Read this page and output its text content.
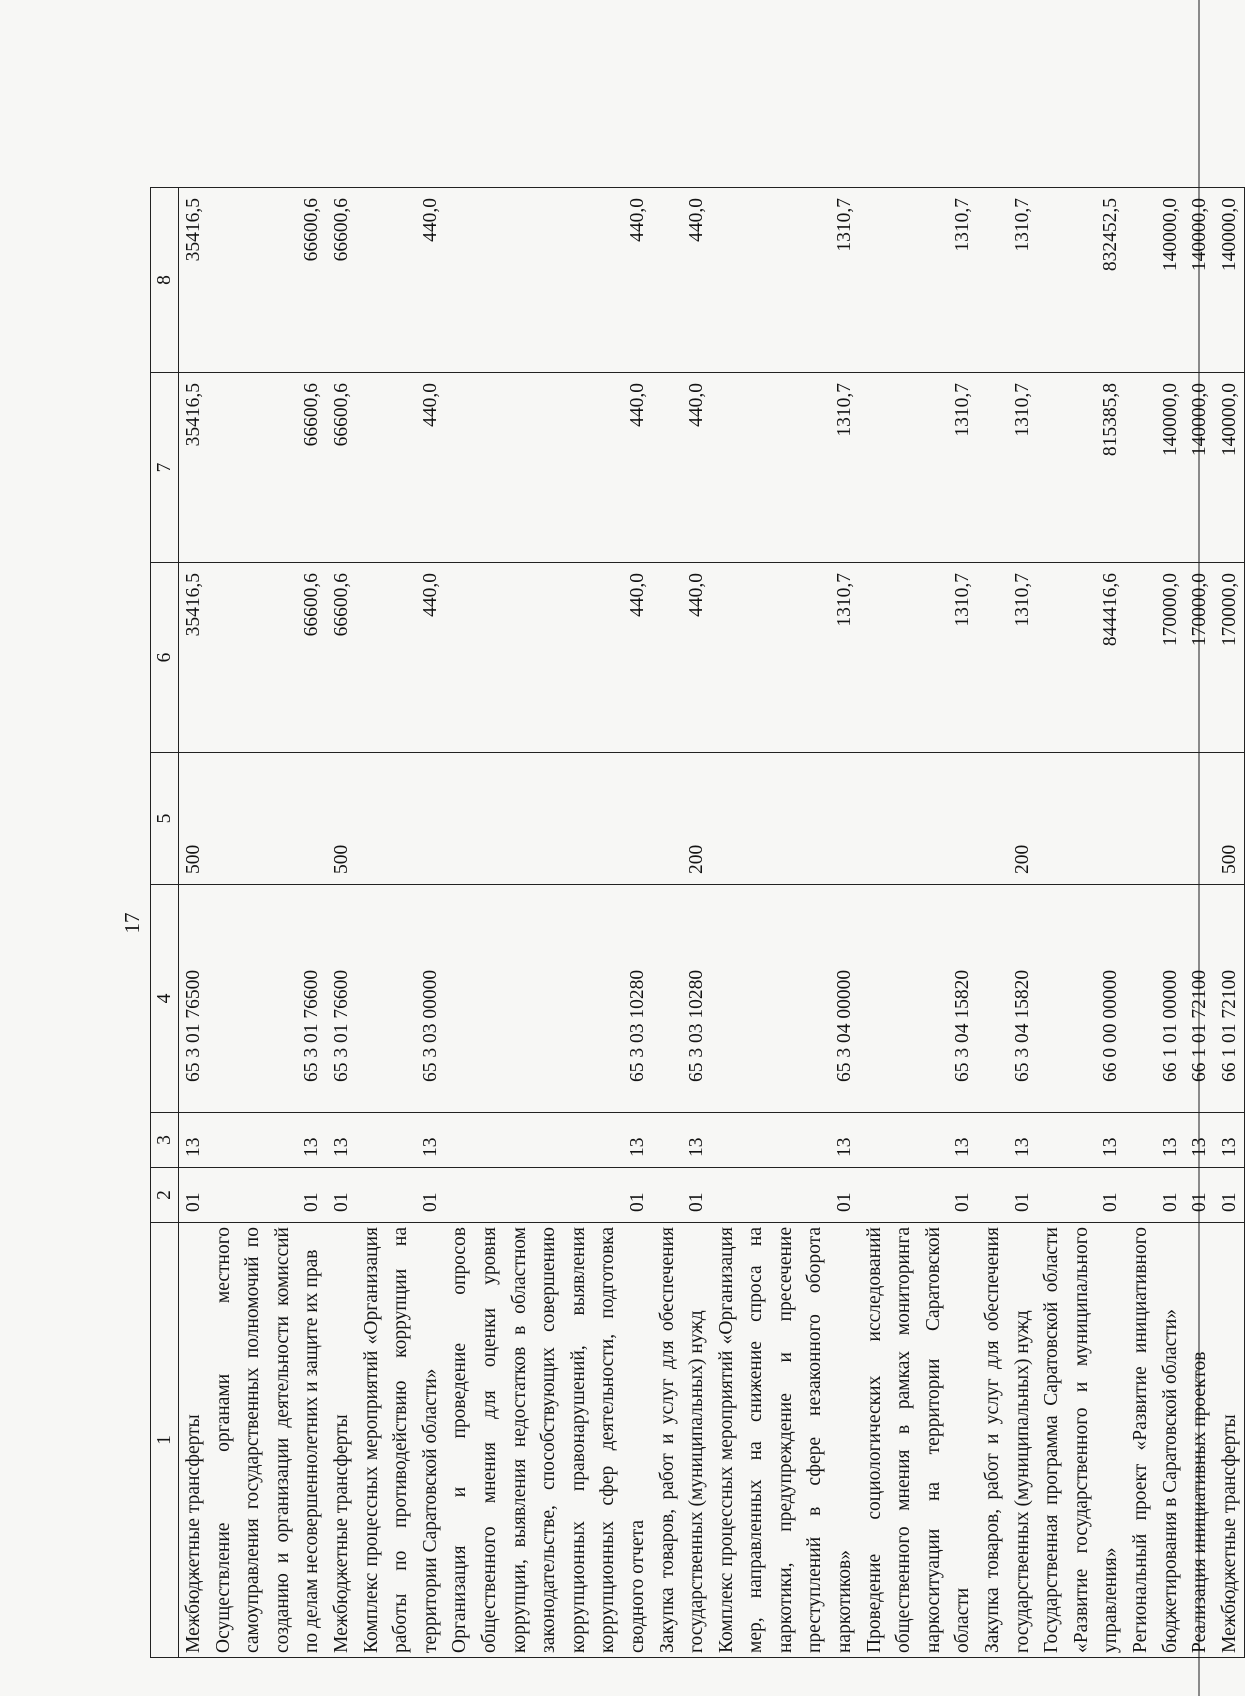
17
1	2	3	4	5	6	7	8
Межбюджетные трансферты	01	13	65 3 01 76500	500	35416,5	35416,5	35416,5
Осуществление органами местного самоуправления государственных полномочий по созданию и организации деятельности комиссий по делам несовершеннолетних и защите их прав	01	13	65 3 01 76600		66600,6	66600,6	66600,6
Межбюджетные трансферты	01	13	65 3 01 76600	500	66600,6	66600,6	66600,6
Комплекс процессных мероприятий «Организация работы по противодействию коррупции на территории Саратовской области»	01	13	65 3 03 00000		440,0	440,0	440,0
Организация и проведение опросов общественного мнения для оценки уровня коррупции, выявления недостатков в областном законодательстве, способствующих совершению коррупционных правонарушений, выявления коррупционных сфер деятельности, подготовка сводного отчета	01	13	65 3 03 10280		440,0	440,0	440,0
Закупка товаров, работ и услуг для обеспечения государственных (муниципальных) нужд	01	13	65 3 03 10280	200	440,0	440,0	440,0
Комплекс процессных мероприятий «Организация мер, направленных на снижение спроса на наркотики, предупреждение и пресечение преступлений в сфере незаконного оборота наркотиков»	01	13	65 3 04 00000		1310,7	1310,7	1310,7
Проведение социологических исследований общественного мнения в рамках мониторинга наркоситуации на территории Саратовской области	01	13	65 3 04 15820		1310,7	1310,7	1310,7
Закупка товаров, работ и услуг для обеспечения государственных (муниципальных) нужд	01	13	65 3 04 15820	200	1310,7	1310,7	1310,7
Государственная программа Саратовской области «Развитие государственного и муниципального управления»	01	13	66 0 00 00000		844416,6	815385,8	832452,5
Региональный проект «Развитие инициативного бюджетирования в Саратовской области»	01	13	66 1 01 00000		170000,0	140000,0	140000,0
Реализация инициативных проектов	01	13	66 1 01 72100		170000,0	140000,0	140000,0
Межбюджетные трансферты	01	13	66 1 01 72100	500	170000,0	140000,0	140000,0
